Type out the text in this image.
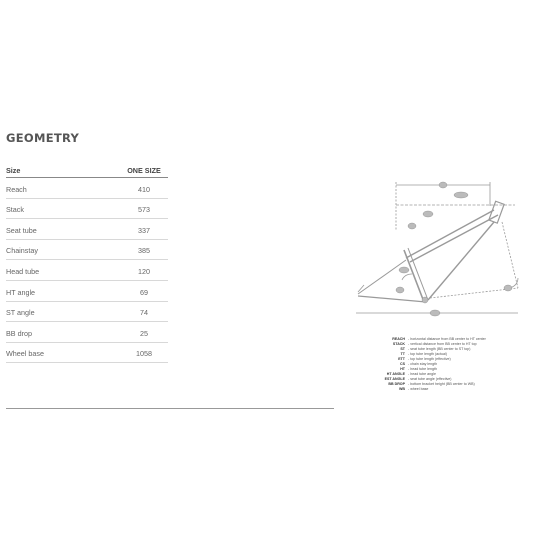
GEOMETRY
Size	ONE SIZE
Reach	410
Stack	573
Seat tube	337
Chainstay	385
Head tube	120
HT angle	69
ST angle	74
BB drop	25
Wheel base	1058
REACH - horizontal distance from BB center to HT center
STACK - vertical distance from BB center to HT top
ST - seat tube length (BB center to ST top)
TT - top tube length (actual)
ETT - top tube length (effective)
CS - chain stay length
HT - head tube length
HT ANGLE - head tube angle
EST ANGLE - seat tube angle (effective)
BB DROP - bottom bracket height (BB center to WB)
WB - wheel base
